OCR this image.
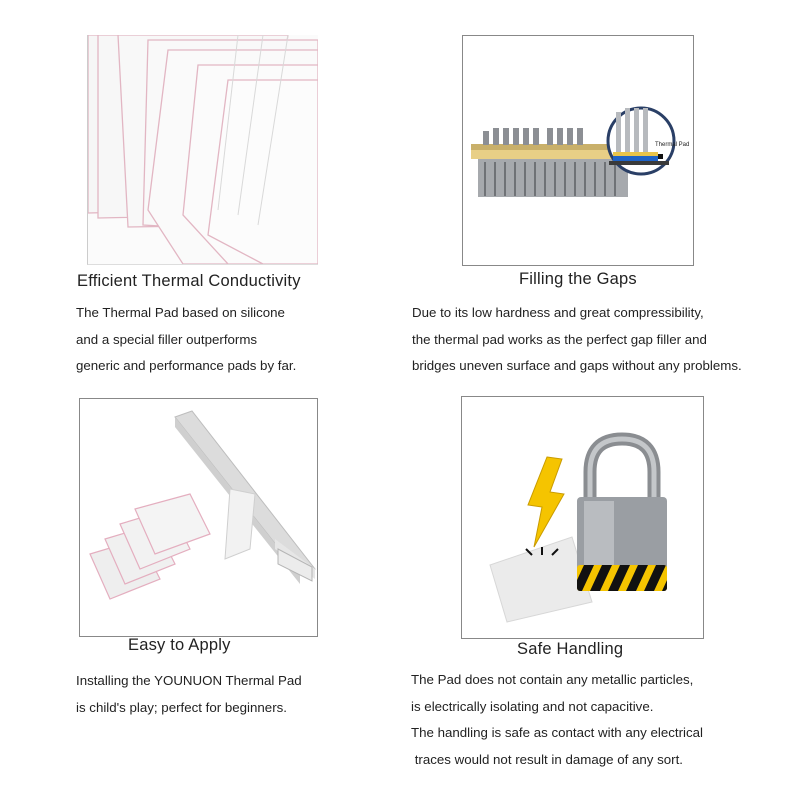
Efficient Thermal Conductivity
The Thermal Pad based on silicone
and a special filler outperforms
generic and performance pads by far.
Thermal Pad
Filling the Gaps
Due to its low hardness and great compressibility,
the thermal pad works as the perfect gap filler and
bridges uneven surface and gaps without any problems.
Easy to Apply
Installing the YOUNUON Thermal Pad
is child's play; perfect for beginners.
Safe Handling
The Pad does not contain any metallic particles,
is electrically isolating and not capacitive.
The handling is safe as contact with any electrical
traces would not result in damage of any sort.
